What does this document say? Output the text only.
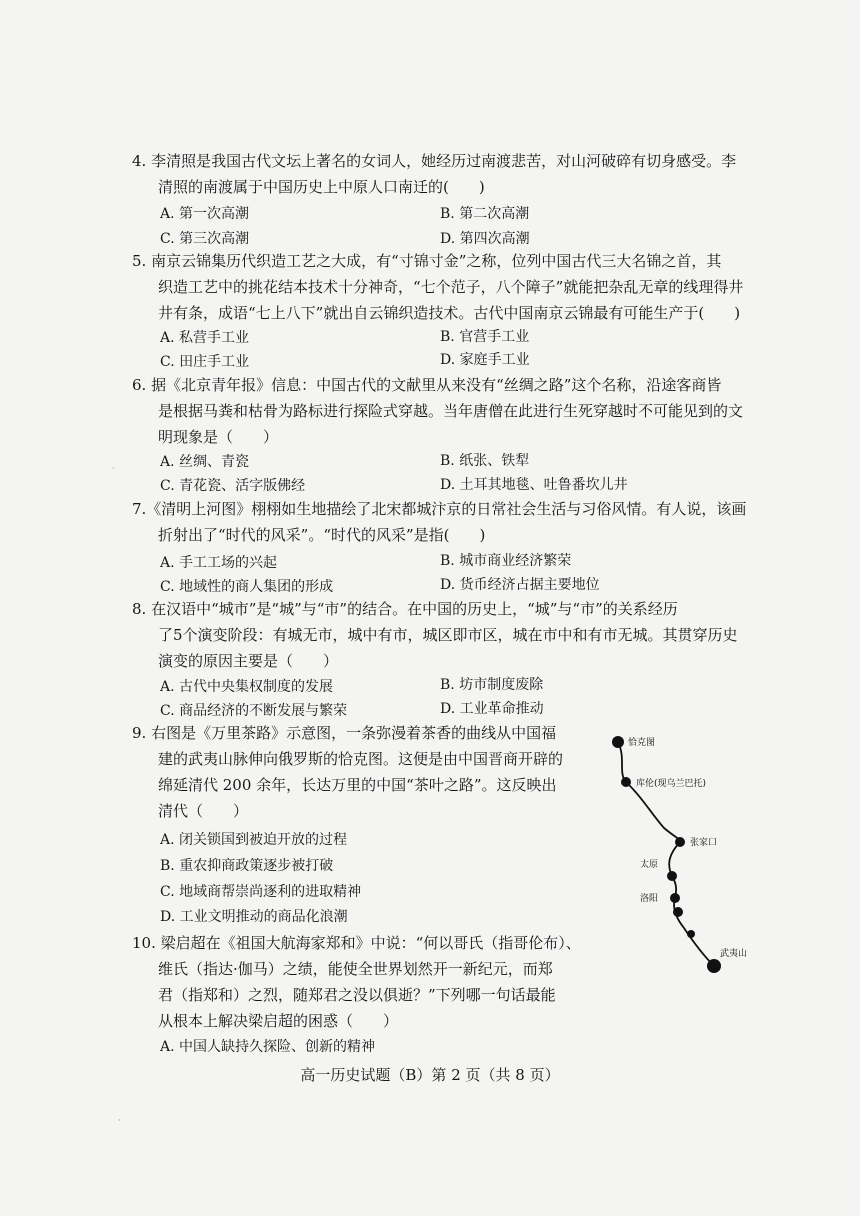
4. 李清照是我国古代文坛上著名的女词人，她经历过南渡悲苦，对山河破碎有切身感受。李
清照的南渡属于中国历史上中原人口南迁的(　　)
A. 第一次高潮	B. 第二次高潮
C. 第三次高潮	D. 第四次高潮
5. 南京云锦集历代织造工艺之大成，有“寸锦寸金”之称，位列中国古代三大名锦之首，其
织造工艺中的挑花结本技术十分神奇，“七个范子，八个障子”就能把杂乱无章的线理得井
井有条，成语“七上八下”就出自云锦织造技术。古代中国南京云锦最有可能生产于(　　)
A. 私营手工业	B. 官营手工业
C. 田庄手工业	D. 家庭手工业
6. 据《北京青年报》信息：中国古代的文献里从来没有“丝绸之路”这个名称，沿途客商皆
是根据马粪和枯骨为路标进行探险式穿越。当年唐僧在此进行生死穿越时不可能见到的文
明现象是（　　）
A. 丝绸、青瓷	B. 纸张、铁犁
C. 青花瓷、活字版佛经	D. 土耳其地毯、吐鲁番坎儿井
7.《清明上河图》栩栩如生地描绘了北宋都城汴京的日常社会生活与习俗风情。有人说，该画
折射出了“时代的风采”。“时代的风采”是指(　　)
A. 手工工场的兴起	B. 城市商业经济繁荣
C. 地域性的商人集团的形成	D. 货币经济占据主要地位
8. 在汉语中“城市”是“城”与“市”的结合。在中国的历史上，“城”与“市”的关系经历
了5个演变阶段：有城无市，城中有市，城区即市区，城在市中和有市无城。其贯穿历史
演变的原因主要是（　　）
A. 古代中央集权制度的发展	B. 坊市制度废除
C. 商品经济的不断发展与繁荣	D. 工业革命推动
9. 右图是《万里茶路》示意图，一条弥漫着茶香的曲线从中国福
建的武夷山脉伸向俄罗斯的恰克图。这便是由中国晋商开辟的
绵延清代 200 余年，长达万里的中国“茶叶之路”。这反映出
清代（　　）
A. 闭关锁国到被迫开放的过程
B. 重农抑商政策逐步被打破
C. 地域商帮崇尚逐利的进取精神
D. 工业文明推动的商品化浪潮
恰克图
库伦(现乌兰巴托)
张家口
太原
洛阳
武夷山
10. 梁启超在《祖国大航海家郑和》中说：“何以哥氏（指哥伦布）、
维氏（指达·伽马）之绩，能使全世界划然开一新纪元，而郑
君（指郑和）之烈，随郑君之没以俱逝？”下列哪一句话最能
从根本上解决梁启超的困惑（　　）
A. 中国人缺持久探险、创新的精神
高一历史试题（B）第 2 页（共 8 页）
·
·
